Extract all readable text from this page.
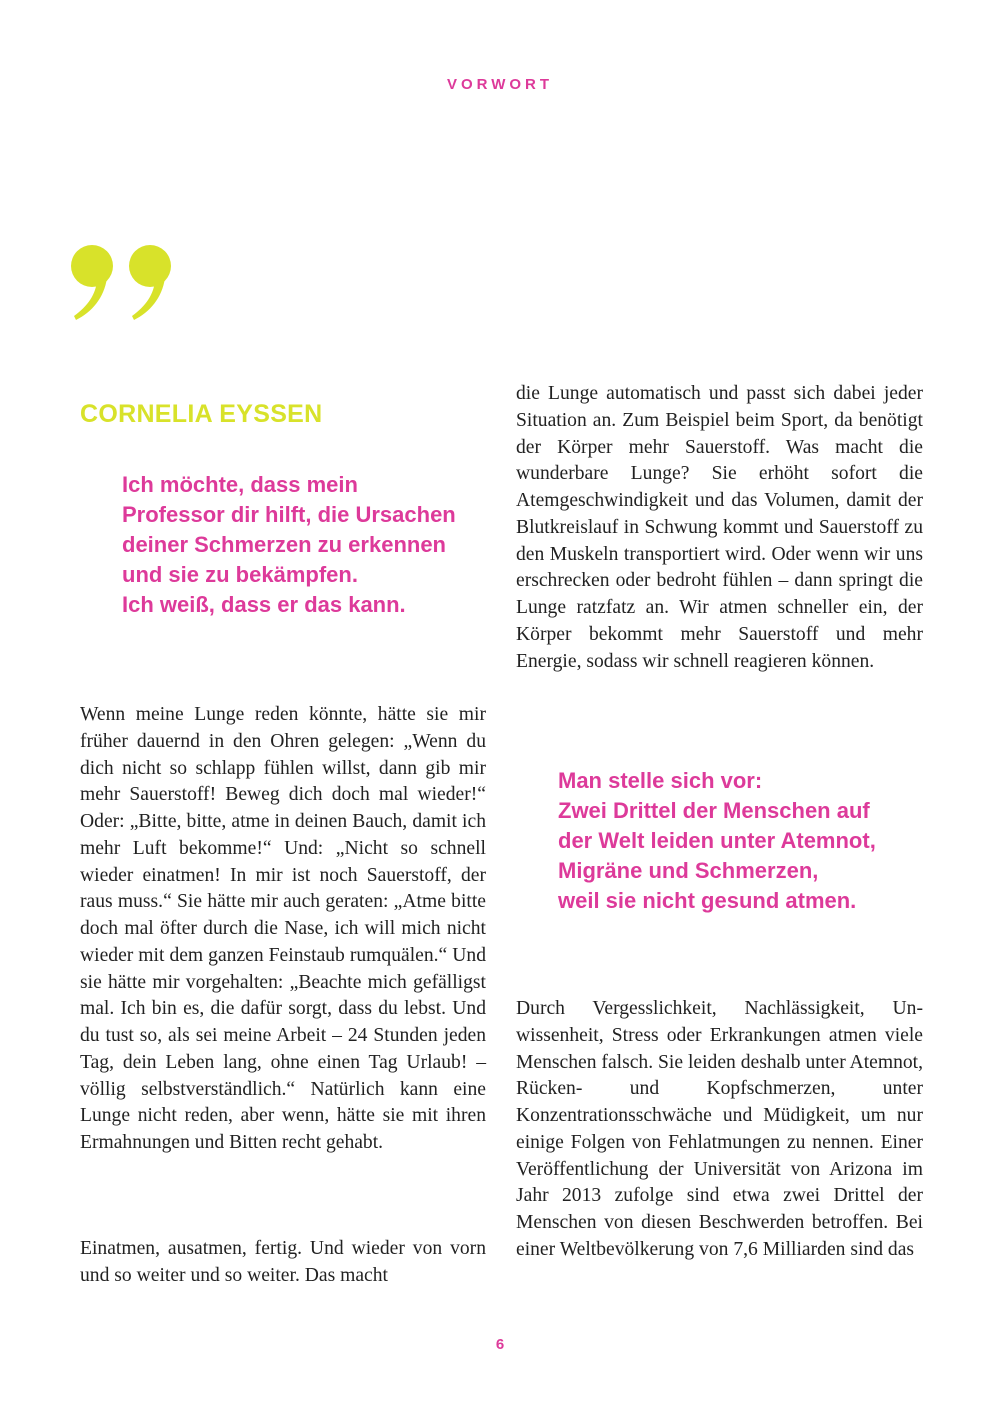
VORWORT
CORNELIA EYSSEN
Ich möchte, dass mein
Professor dir hilft, die Ursachen
deiner Schmerzen zu erkennen
und sie zu bekämpfen.
Ich weiß, dass er das kann.
Wenn meine Lunge reden könnte, hätte sie mir früher dauernd in den Ohren gelegen: „Wenn du dich nicht so schlapp fühlen willst, dann gib mir mehr Sauerstoff! Beweg dich doch mal wieder!“ Oder: „Bitte, bitte, atme in deinen Bauch, damit ich mehr Luft bekomme!“ Und: „Nicht so schnell wieder einatmen! In mir ist noch Sauerstoff, der raus muss.“ Sie hätte mir auch geraten: „Atme bitte doch mal öfter durch die Nase, ich will mich nicht wieder mit dem ganzen Feinstaub rumquälen.“ Und sie hätte mir vorgehalten: „Beachte mich gefälligst mal. Ich bin es, die dafür sorgt, dass du lebst. Und du tust so, als sei meine Arbeit – 24 Stunden jeden Tag, dein Leben lang, ohne einen Tag Urlaub! – völlig selbstverständlich.“ Natürlich kann eine Lunge nicht reden, aber wenn, hätte sie mit ihren Ermahnungen und Bitten recht gehabt.
Einatmen, ausatmen, fertig. Und wieder von vorn und so weiter und so weiter. Das macht
die Lunge automatisch und passt sich dabei jeder Situation an. Zum Beispiel beim Sport, da benötigt der Körper mehr Sauerstoff. Was macht die wunderbare Lunge? Sie erhöht sofort die Atemgeschwindigkeit und das Volumen, damit der Blutkreislauf in Schwung kommt und Sauerstoff zu den Muskeln transportiert wird. Oder wenn wir uns erschrecken oder bedroht fühlen – dann springt die Lunge ratzfatz an. Wir atmen schneller ein, der Körper bekommt mehr Sauerstoff und mehr Energie, sodass wir schnell reagieren können.
Man stelle sich vor:
Zwei Drittel der Menschen auf
der Welt leiden unter Atemnot,
Migräne und Schmerzen,
weil sie nicht gesund atmen.
Durch Vergesslichkeit, Nachlässigkeit, Unwissenheit, Stress oder Erkrankungen atmen viele Menschen falsch. Sie leiden deshalb unter Atemnot, Rücken- und Kopfschmerzen, unter Konzentrationsschwäche und Müdigkeit, um nur einige Folgen von Fehlatmungen zu nennen. Einer Veröffentlichung der Universität von Arizona im Jahr 2013 zufolge sind etwa zwei Drittel der Menschen von diesen Beschwerden betroffen. Bei einer Weltbevölkerung von 7,6 Milliarden sind das
6
